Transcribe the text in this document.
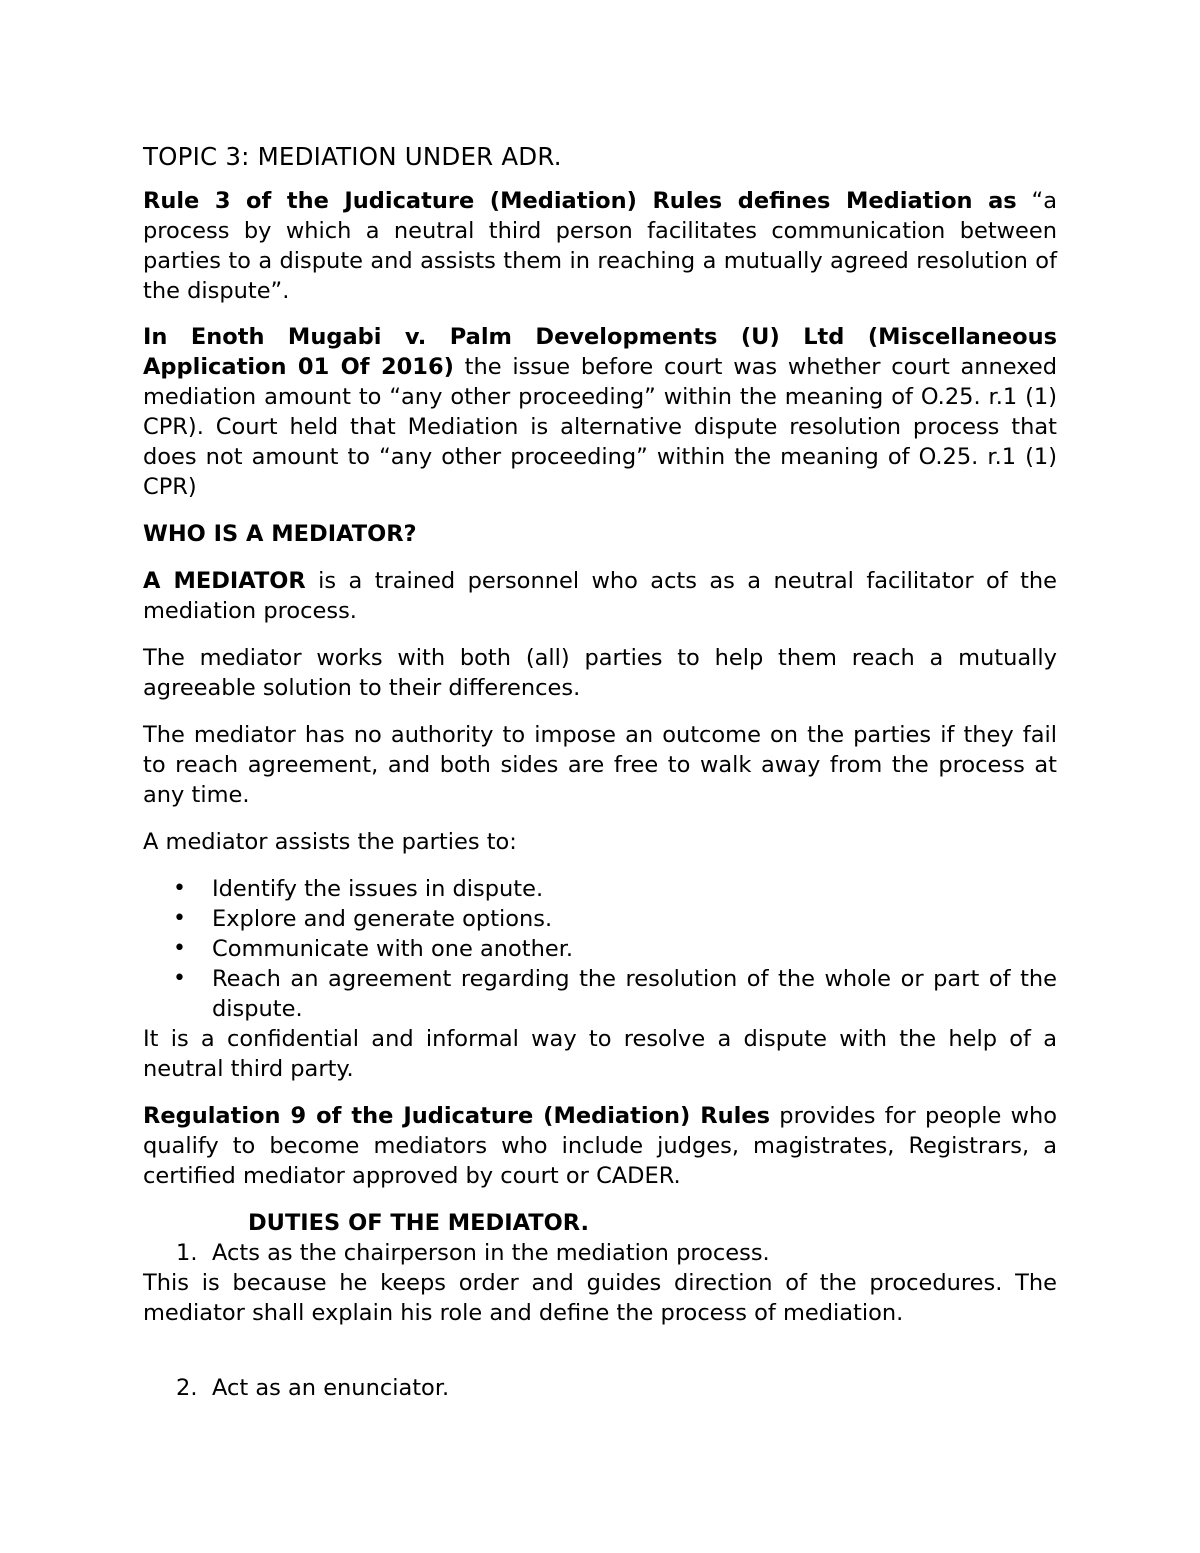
TOPIC 3: MEDIATION UNDER ADR.

Rule 3 of the Judicature (Mediation) Rules defines Mediation as “a process by which a neutral third person facilitates communication between parties to a dispute and assists them in reaching a mutually agreed resolution of the dispute”.

In Enoth Mugabi v. Palm Developments (U) Ltd (Miscellaneous Application 01 Of 2016) the issue before court was whether court annexed mediation amount to “any other proceeding” within the meaning of O.25. r.1 (1) CPR). Court held that Mediation is alternative dispute resolution process that does not amount to “any other proceeding” within the meaning of O.25. r.1 (1) CPR)

WHO IS A MEDIATOR?

A MEDIATOR is a trained personnel who acts as a neutral facilitator of the mediation process.

The mediator works with both (all) parties to help them reach a mutually agreeable solution to their differences.

The mediator has no authority to impose an outcome on the parties if they fail to reach agreement, and both sides are free to walk away from the process at any time.

A mediator assists the parties to:

• Identify the issues in dispute.
• Explore and generate options.
• Communicate with one another.
• Reach an agreement regarding the resolution of the whole or part of the dispute.

It is a confidential and informal way to resolve a dispute with the help of a neutral third party.

Regulation 9 of the Judicature (Mediation) Rules provides for people who qualify to become mediators who include judges, magistrates, Registrars, a certified mediator approved by court or CADER.

DUTIES OF THE MEDIATOR.

1. Acts as the chairperson in the mediation process.

This is because he keeps order and guides direction of the procedures. The mediator shall explain his role and define the process of mediation.

2. Act as an enunciator.
